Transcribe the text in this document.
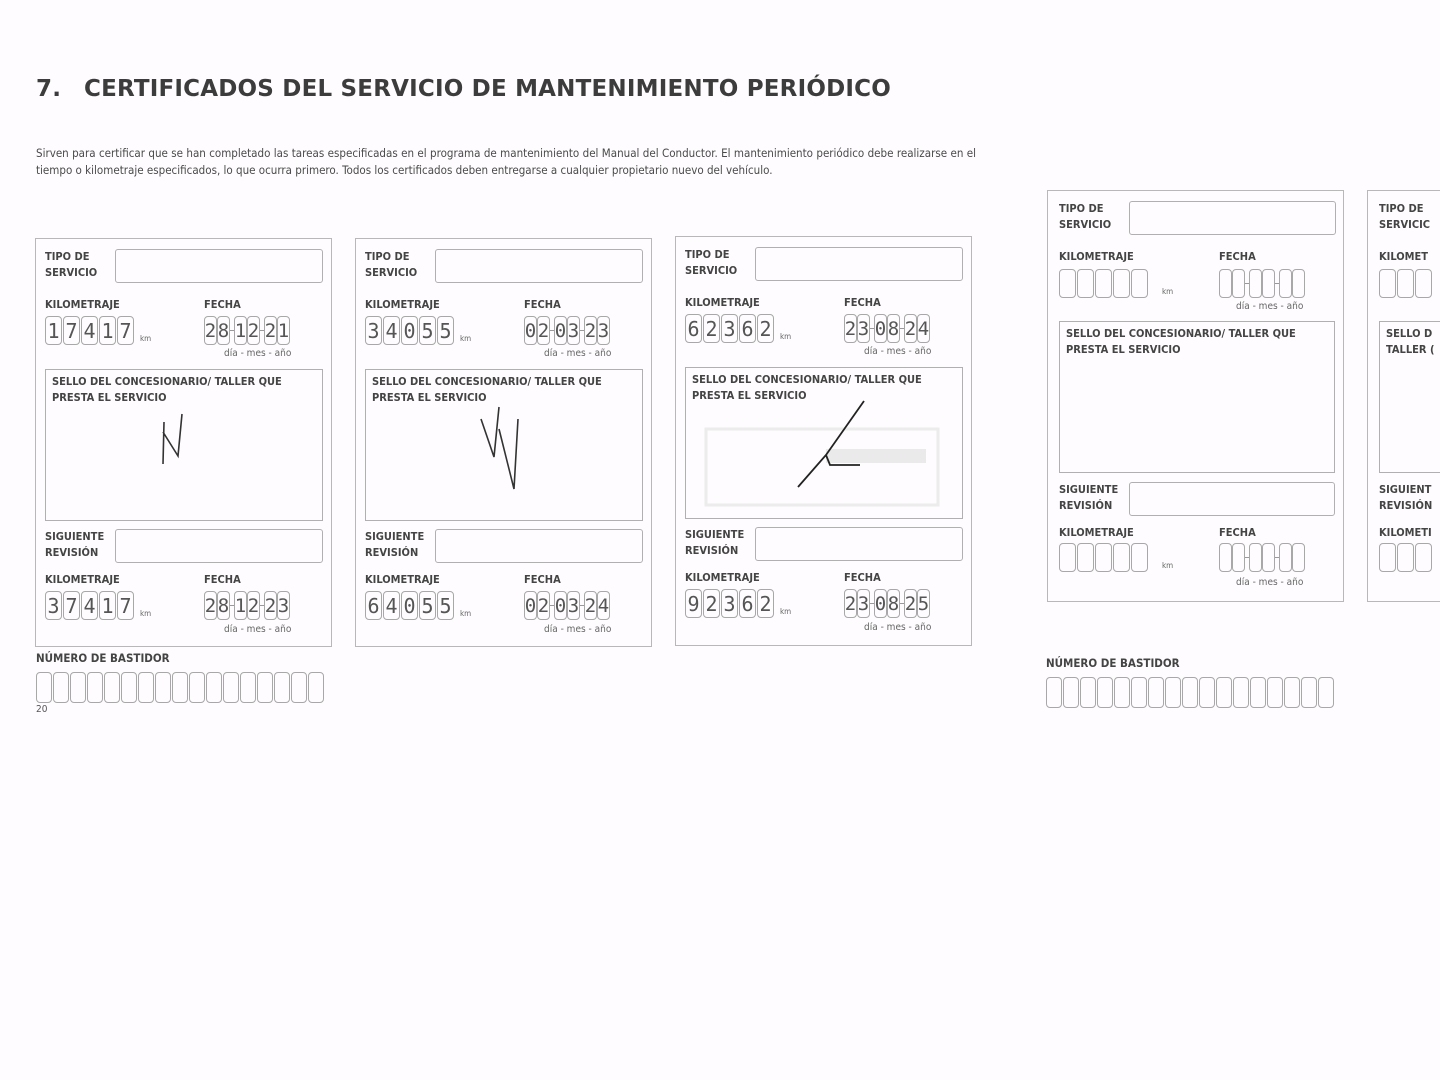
7. CERTIFICADOS DEL SERVICIO DE MANTENIMIENTO PERIÓDICO
Sirven para certificar que se han completado las tareas especificadas en el programa de mantenimiento del Manual del Conductor. El mantenimiento periódico debe realizarse en el tiempo o kilometraje especificados, lo que ocurra primero. Todos los certificados deben entregarse a cualquier propietario nuevo del vehículo.
TIPO DE SERVICIO
KILOMETRAJE	FECHA
1 7 4 1 7	km	2 8 1 2 2 1
día - mes - año
SELLO DEL CONCESIONARIO/ TALLER QUE PRESTA EL SERVICIO
SIGUIENTE REVISIÓN
KILOMETRAJE	FECHA
3 7 4 1 7	km	2 8 1 2 2 3
día - mes - año
TIPO DE SERVICIO
KILOMETRAJE	FECHA
3 4 0 5 5	km	0 2 0 3 2 3
día - mes - año
SELLO DEL CONCESIONARIO/ TALLER QUE PRESTA EL SERVICIO
SIGUIENTE REVISIÓN
KILOMETRAJE	FECHA
6 4 0 5 5	km	0 2 0 3 2 4
día - mes - año
TIPO DE SERVICIO
KILOMETRAJE	FECHA
6 2 3 6 2	km	2 3 0 8 2 4
día - mes - año
SELLO DEL CONCESIONARIO/ TALLER QUE PRESTA EL SERVICIO
SIGUIENTE REVISIÓN
KILOMETRAJE	FECHA
9 2 3 6 2	km	2 3 0 8 2 5
día - mes - año
NÚMERO DE BASTIDOR
20
TIPO DE SERVICIO
KILOMETRAJE	FECHA
km
día - mes - año
SELLO DEL CONCESIONARIO/ TALLER QUE PRESTA EL SERVICIO
SIGUIENTE REVISIÓN
KILOMETRAJE	FECHA
km
día - mes - año
TIPO DE SERVICIC
KILOMET
SELLO D TALLER (
SIGUIENT REVISIÓN
KILOMETI
NÚMERO DE BASTIDOR
